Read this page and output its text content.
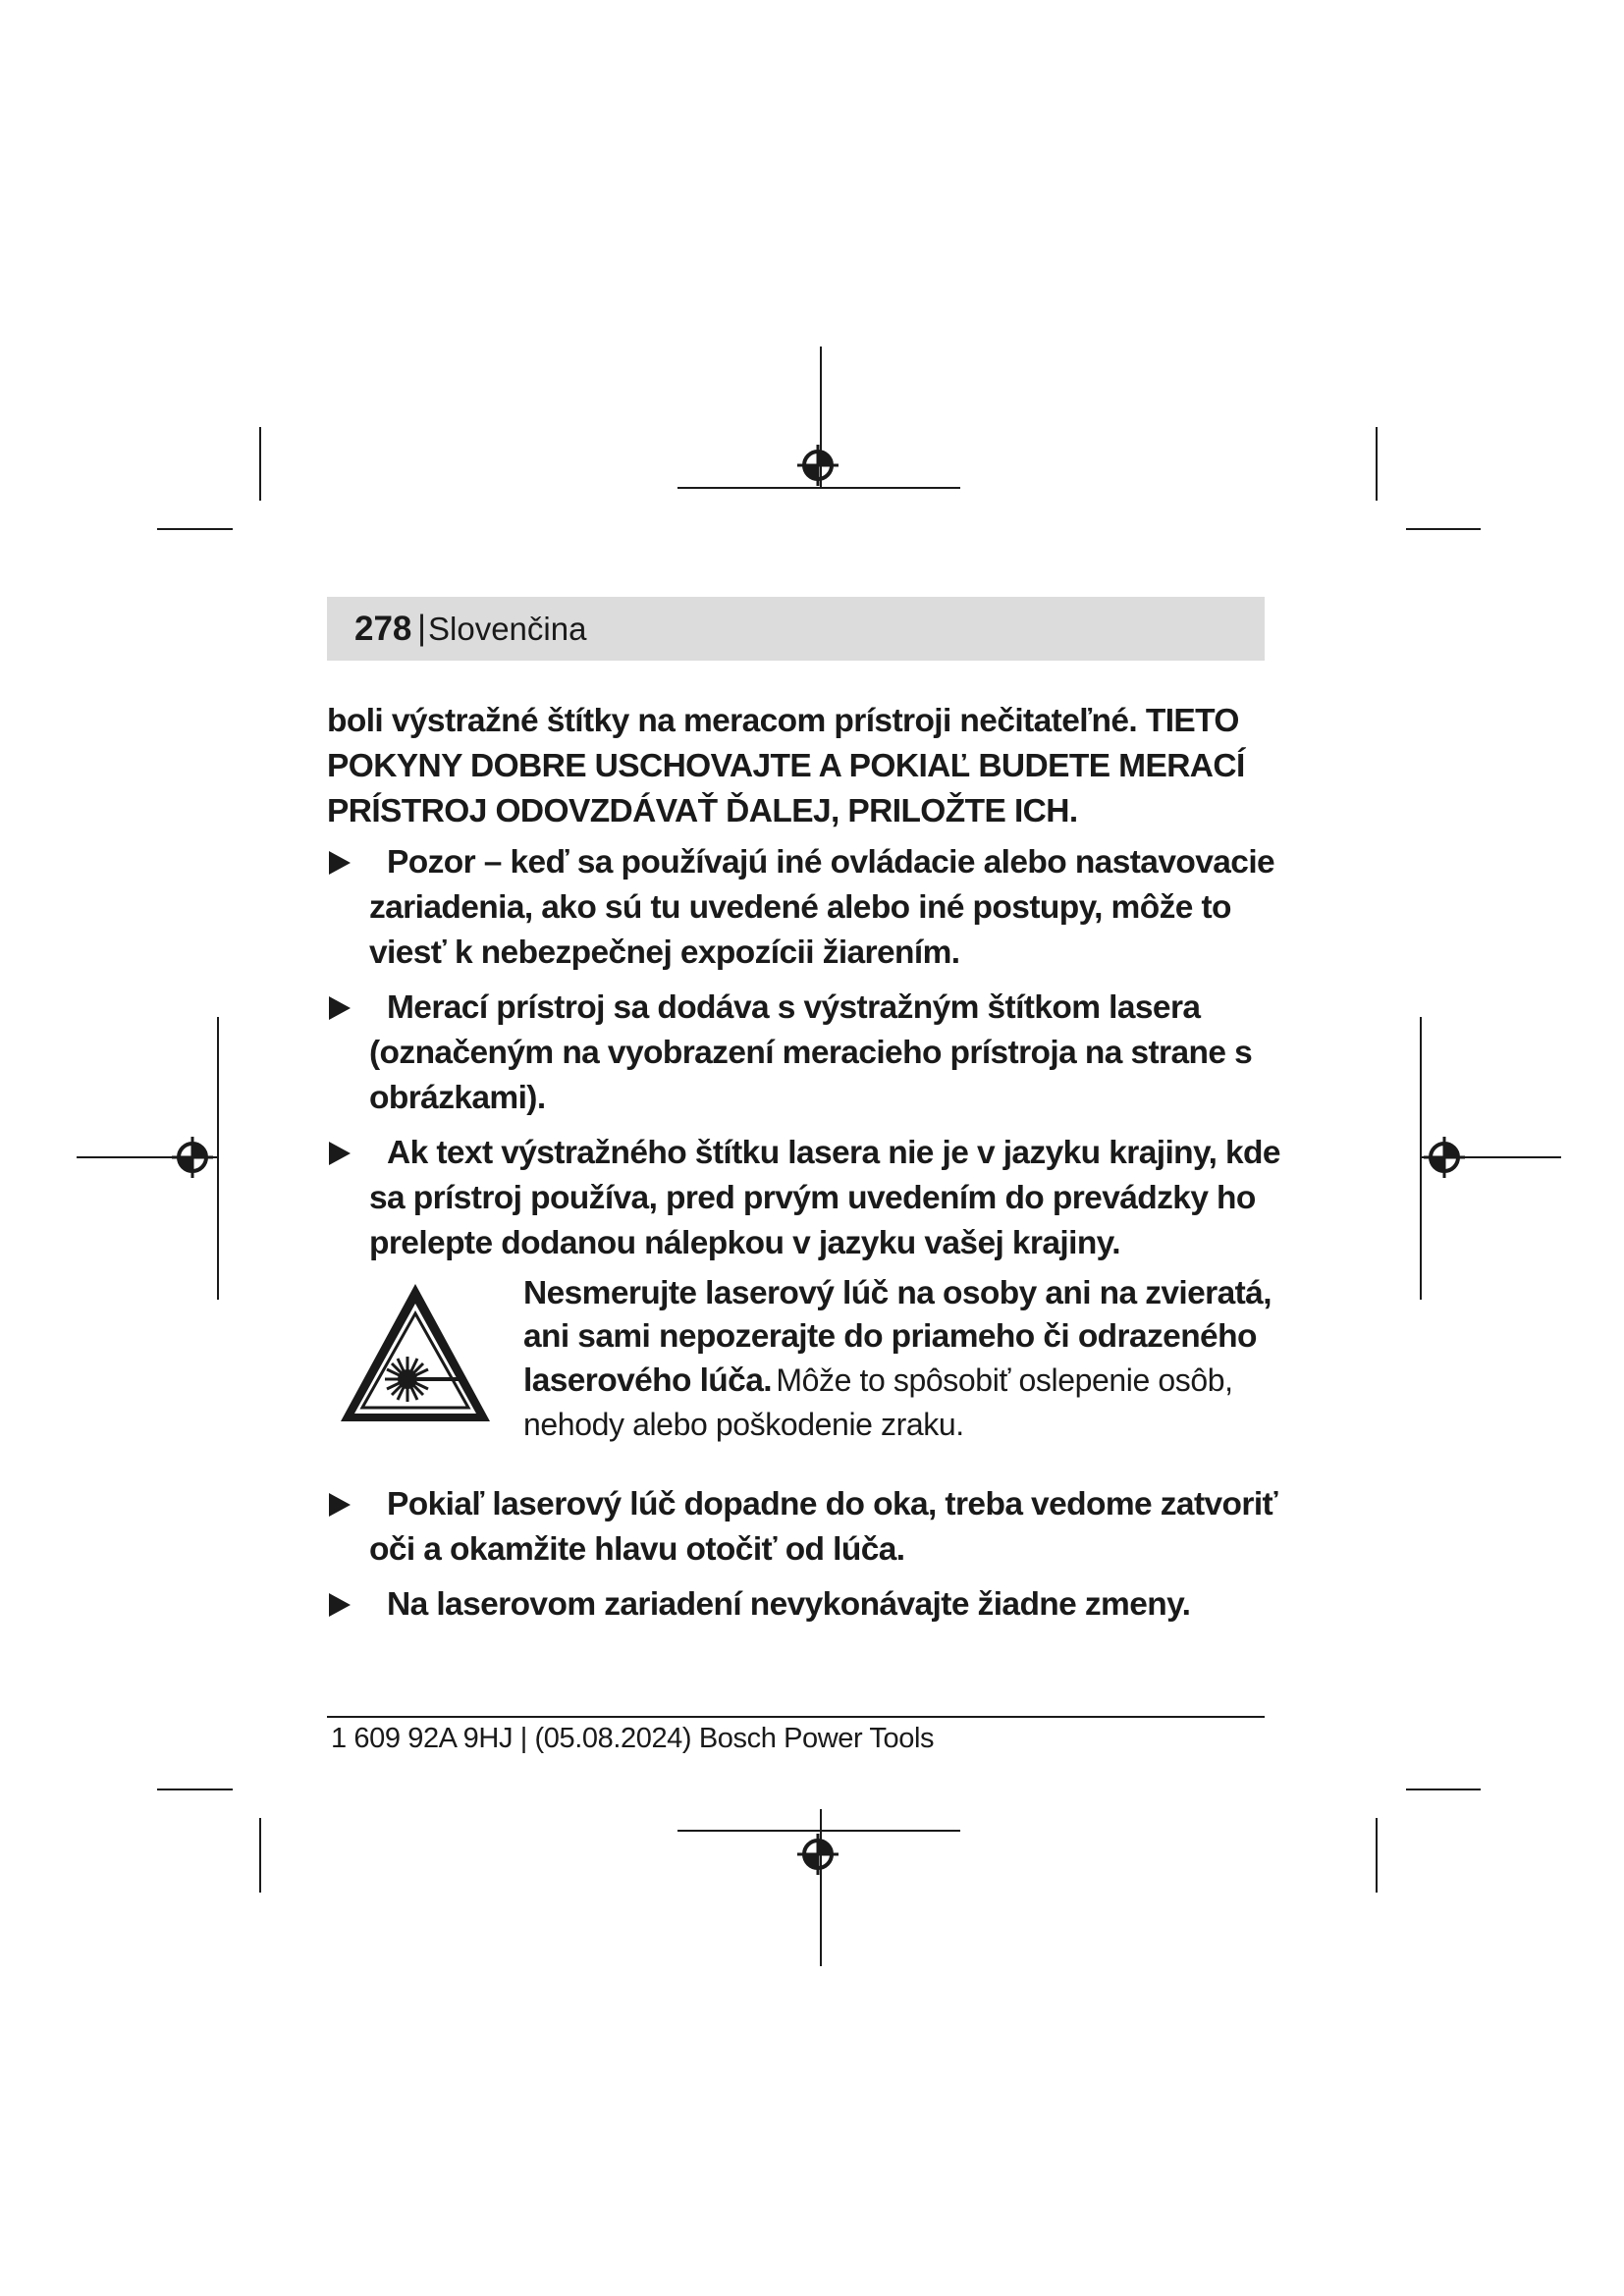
278 | Slovenčina

boli výstražné štítky na meracom prístroji nečitateľné. TIETO POKYNY DOBRE USCHOVAJTE A POKIAĽ BUDETE MERACÍ PRÍSTROJ ODOVZDÁVAŤ ĎALEJ, PRILOŽTE ICH.

Pozor – keď sa používajú iné ovládacie alebo nastavovacie zariadenia, ako sú tu uvedené alebo iné postupy, môže to viesť k nebezpečnej expozícii žiarením.
Merací prístroj sa dodáva s výstražným štítkom lasera (označeným na vyobrazení meracieho prístroja na strane s obrázkami).
Ak text výstražného štítku lasera nie je v jazyku krajiny, kde sa prístroj používa, pred prvým uvedením do prevádzky ho prelepte dodanou nálepkou v jazyku vašej krajiny.
Nesmerujte laserový lúč na osoby ani na zvieratá, ani sami nepozerajte do priameho či odrazeného laserového lúča. Môže to spôsobiť oslepenie osôb, nehody alebo poškodenie zraku.
Pokiaľ laserový lúč dopadne do oka, treba vedome zatvoriť oči a okamžite hlavu otočiť od lúča.
Na laserovom zariadení nevykonávajte žiadne zmeny.
1 609 92A 9HJ | (05.08.2024) Bosch Power Tools
